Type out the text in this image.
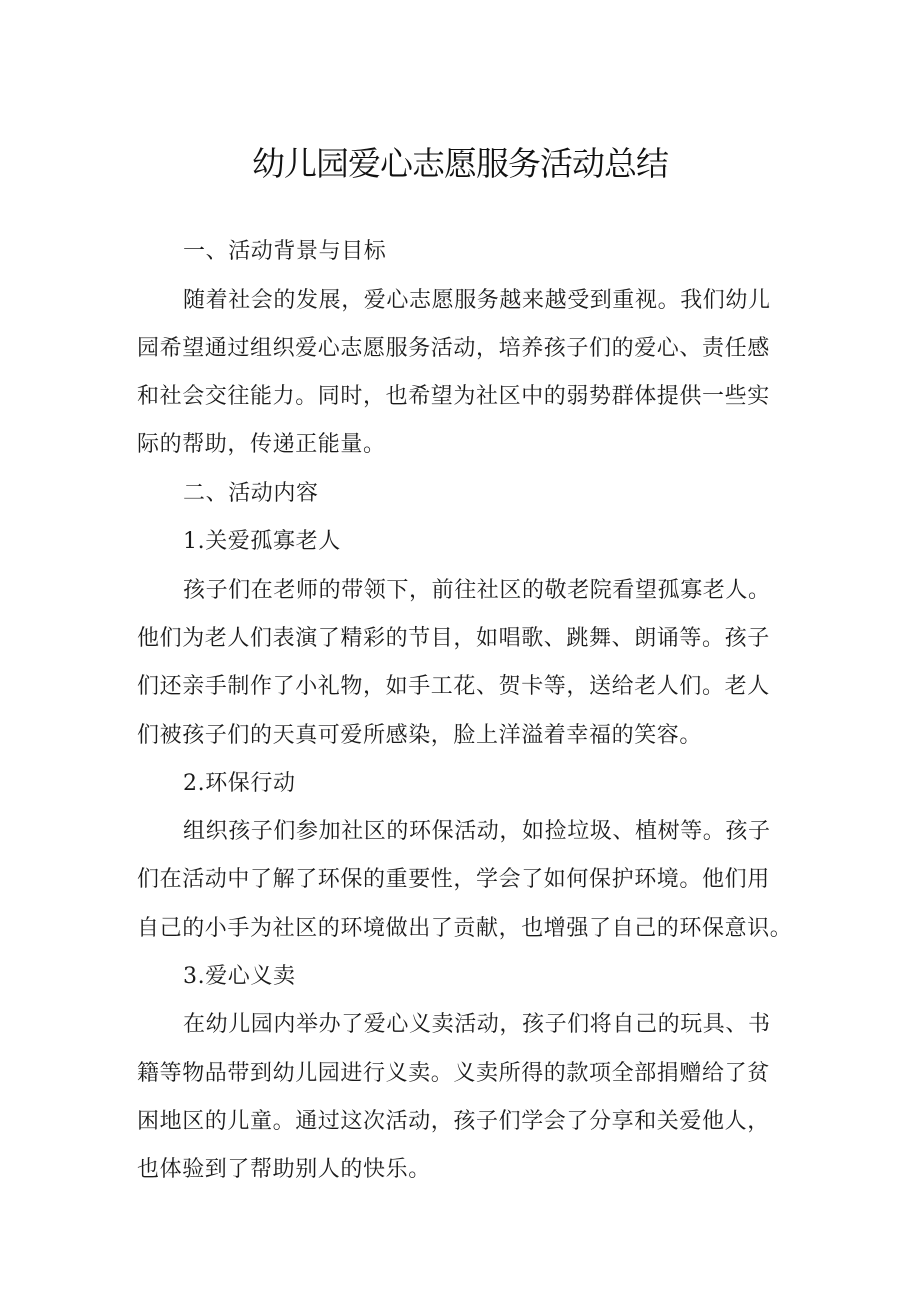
幼儿园爱心志愿服务活动总结
一、活动背景与目标
随着社会的发展，爱心志愿服务越来越受到重视。我们幼儿
园希望通过组织爱心志愿服务活动，培养孩子们的爱心、责任感
和社会交往能力。同时，也希望为社区中的弱势群体提供一些实
际的帮助，传递正能量。
二、活动内容
1.关爱孤寡老人
孩子们在老师的带领下，前往社区的敬老院看望孤寡老人。
他们为老人们表演了精彩的节目，如唱歌、跳舞、朗诵等。孩子
们还亲手制作了小礼物，如手工花、贺卡等，送给老人们。老人
们被孩子们的天真可爱所感染，脸上洋溢着幸福的笑容。
2.环保行动
组织孩子们参加社区的环保活动，如捡垃圾、植树等。孩子
们在活动中了解了环保的重要性，学会了如何保护环境。他们用
自己的小手为社区的环境做出了贡献，也增强了自己的环保意识。
3.爱心义卖
在幼儿园内举办了爱心义卖活动，孩子们将自己的玩具、书
籍等物品带到幼儿园进行义卖。义卖所得的款项全部捐赠给了贫
困地区的儿童。通过这次活动，孩子们学会了分享和关爱他人，
也体验到了帮助别人的快乐。
